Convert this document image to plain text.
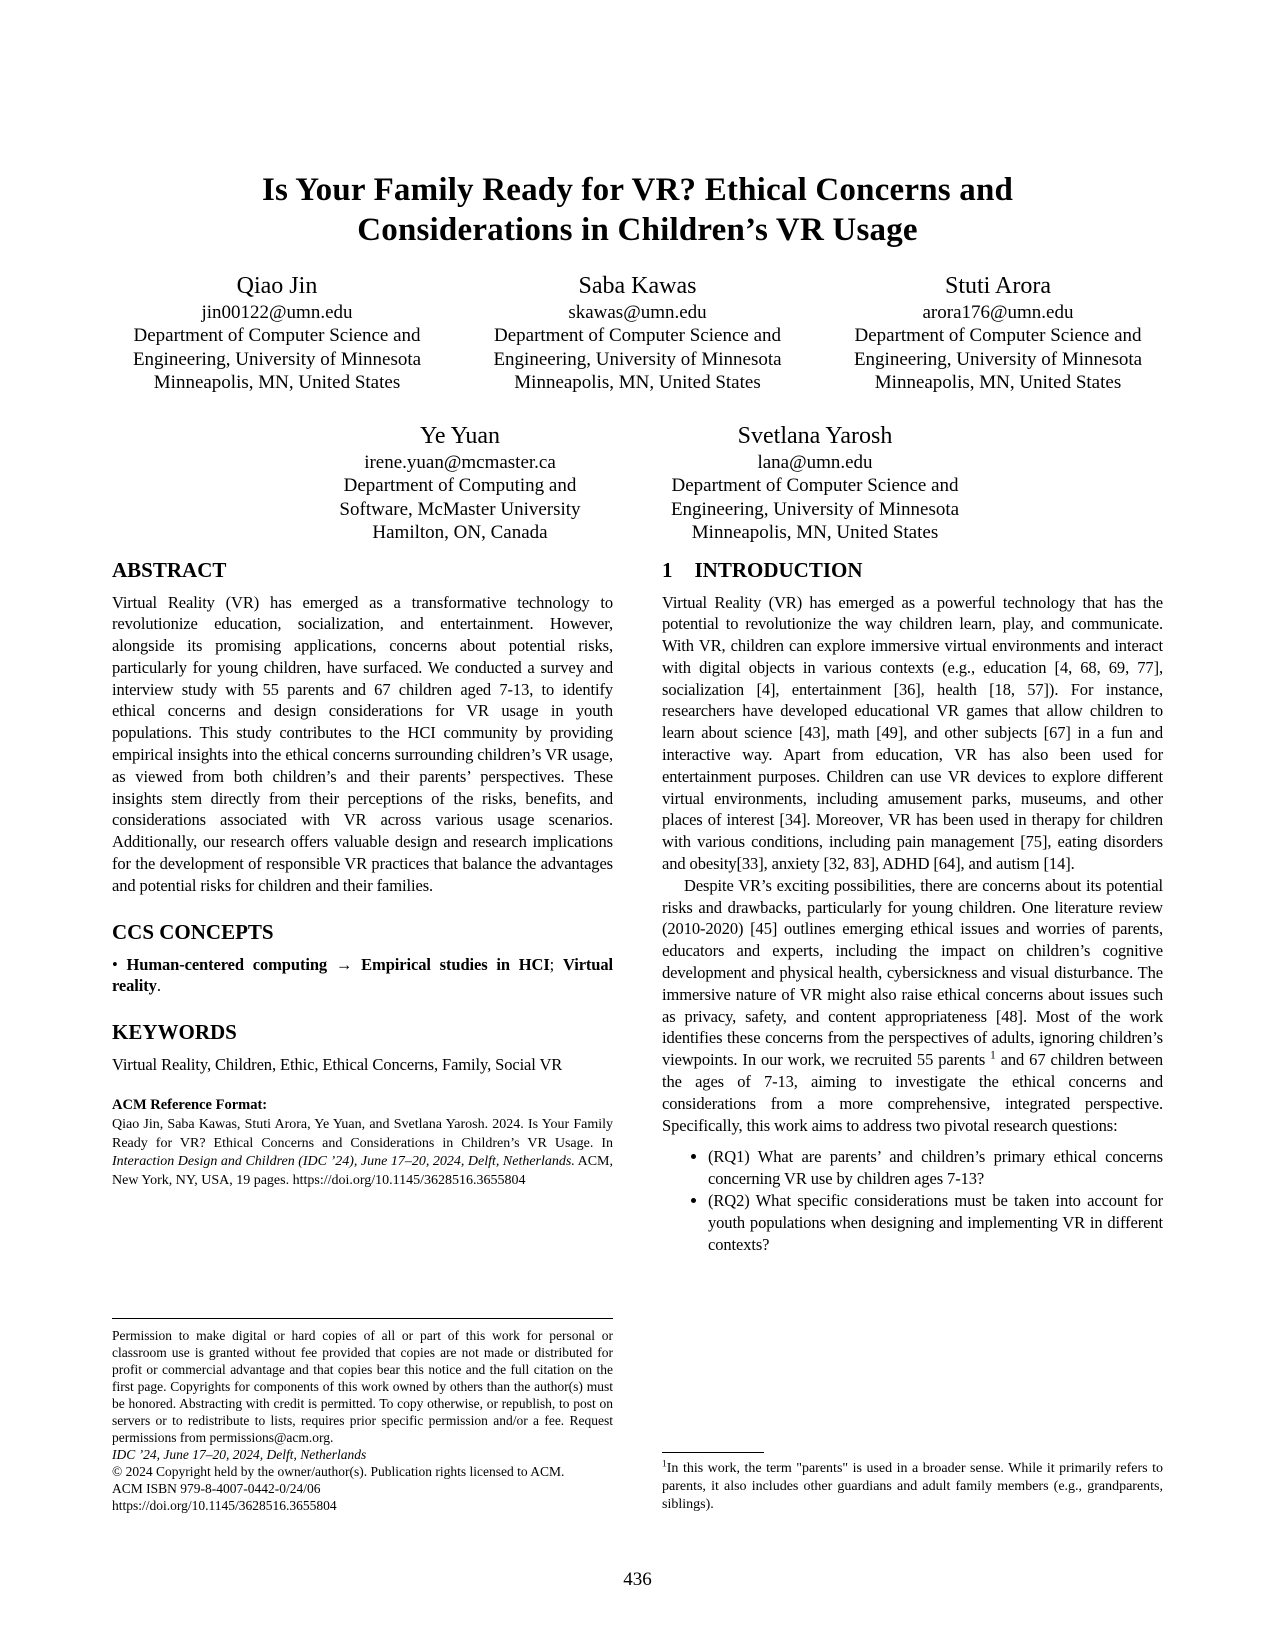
Is Your Family Ready for VR? Ethical Concerns and Considerations in Children’s VR Usage
Qiao Jin
jin00122@umn.edu
Department of Computer Science and
Engineering, University of Minnesota
Minneapolis, MN, United States
Saba Kawas
skawas@umn.edu
Department of Computer Science and
Engineering, University of Minnesota
Minneapolis, MN, United States
Stuti Arora
arora176@umn.edu
Department of Computer Science and
Engineering, University of Minnesota
Minneapolis, MN, United States
Ye Yuan
irene.yuan@mcmaster.ca
Department of Computing and
Software, McMaster University
Hamilton, ON, Canada
Svetlana Yarosh
lana@umn.edu
Department of Computer Science and
Engineering, University of Minnesota
Minneapolis, MN, United States
ABSTRACT

Virtual Reality (VR) has emerged as a transformative technology to revolutionize education, socialization, and entertainment. However, alongside its promising applications, concerns about potential risks, particularly for young children, have surfaced. We conducted a survey and interview study with 55 parents and 67 children aged 7-13, to identify ethical concerns and design considerations for VR usage in youth populations. This study contributes to the HCI community by providing empirical insights into the ethical concerns surrounding children’s VR usage, as viewed from both children’s and their parents’ perspectives. These insights stem directly from their perceptions of the risks, benefits, and considerations associated with VR across various usage scenarios. Additionally, our research offers valuable design and research implications for the development of responsible VR practices that balance the advantages and potential risks for children and their families.

CCS CONCEPTS

• Human-centered computing → Empirical studies in HCI; Virtual reality.

KEYWORDS

Virtual Reality, Children, Ethic, Ethical Concerns, Family, Social VR

ACM Reference Format:

Qiao Jin, Saba Kawas, Stuti Arora, Ye Yuan, and Svetlana Yarosh. 2024. Is Your Family Ready for VR? Ethical Concerns and Considerations in Children’s VR Usage. In Interaction Design and Children (IDC ’24), June 17–20, 2024, Delft, Netherlands. ACM, New York, NY, USA, 19 pages. https://doi.org/10.1145/3628516.3655804

Permission to make digital or hard copies of all or part of this work for personal or classroom use is granted without fee provided that copies are not made or distributed for profit or commercial advantage and that copies bear this notice and the full citation on the first page. Copyrights for components of this work owned by others than the author(s) must be honored. Abstracting with credit is permitted. To copy otherwise, or republish, to post on servers or to redistribute to lists, requires prior specific permission and/or a fee. Request permissions from permissions@acm.org.

IDC ’24, June 17–20, 2024, Delft, Netherlands
© 2024 Copyright held by the owner/author(s). Publication rights licensed to ACM.
ACM ISBN 979-8-4007-0442-0/24/06
https://doi.org/10.1145/3628516.3655804
1 INTRODUCTION

Virtual Reality (VR) has emerged as a powerful technology that has the potential to revolutionize the way children learn, play, and communicate. With VR, children can explore immersive virtual environments and interact with digital objects in various contexts (e.g., education [4, 68, 69, 77], socialization [4], entertainment [36], health [18, 57]). For instance, researchers have developed educational VR games that allow children to learn about science [43], math [49], and other subjects [67] in a fun and interactive way. Apart from education, VR has also been used for entertainment purposes. Children can use VR devices to explore different virtual environments, including amusement parks, museums, and other places of interest [34]. Moreover, VR has been used in therapy for children with various conditions, including pain management [75], eating disorders and obesity[33], anxiety [32, 83], ADHD [64], and autism [14].

Despite VR’s exciting possibilities, there are concerns about its potential risks and drawbacks, particularly for young children. One literature review (2010-2020) [45] outlines emerging ethical issues and worries of parents, educators and experts, including the impact on children’s cognitive development and physical health, cybersickness and visual disturbance. The immersive nature of VR might also raise ethical concerns about issues such as privacy, safety, and content appropriateness [48]. Most of the work identifies these concerns from the perspectives of adults, ignoring children’s viewpoints. In our work, we recruited 55 parents $^1$ and 67 children between the ages of 7-13, aiming to investigate the ethical concerns and considerations from a more comprehensive, integrated perspective. Specifically, this work aims to address two pivotal research questions:

• (RQ1) What are parents’ and children’s primary ethical concerns concerning VR use by children ages 7-13?
• (RQ2) What specific considerations must be taken into account for youth populations when designing and implementing VR in different contexts?

$^1$In this work, the term "parents" is used in a broader sense. While it primarily refers to parents, it also includes other guardians and adult family members (e.g., grandparents, siblings).

436
